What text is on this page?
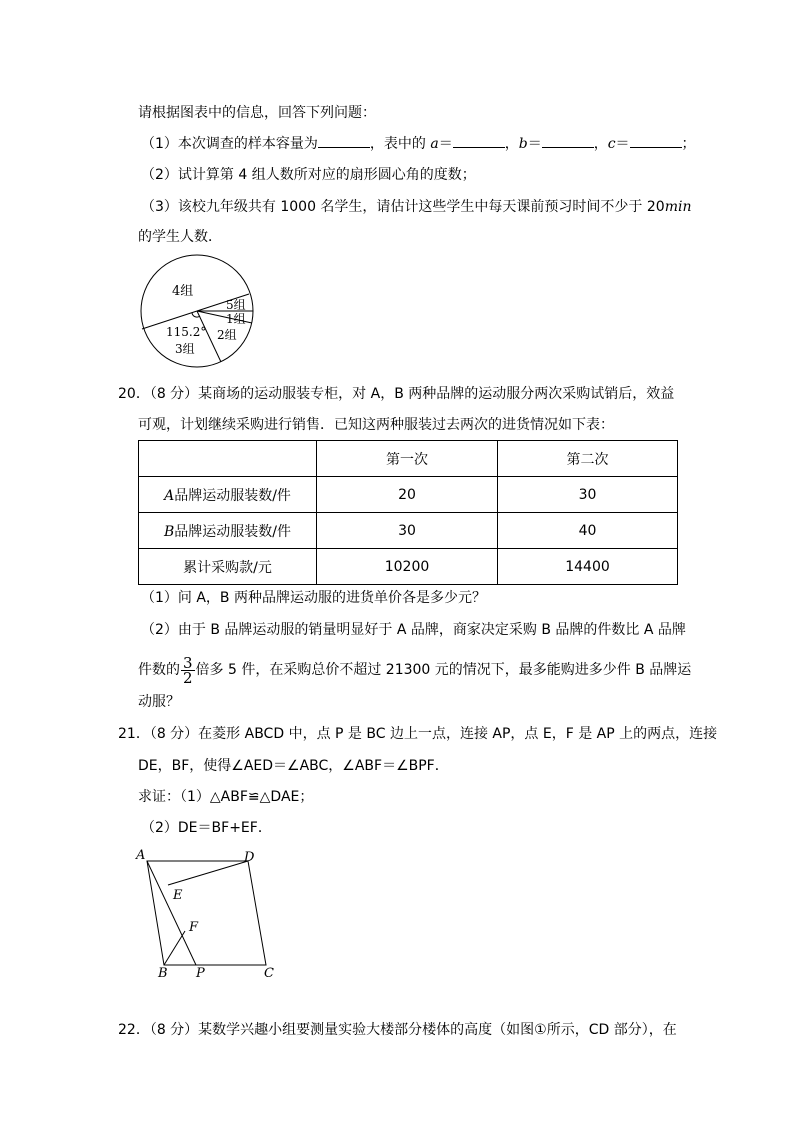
请根据图表中的信息，回答下列问题：
（1）本次调查的样本容量为	，表中的 a＝	，b＝	，c＝	；
（2）试计算第 4 组人数所对应的扇形圆心角的度数；
（3）该校九年级共有 1000 名学生，请估计这些学生中每天课前预习时间不少于 20min
的学生人数．
4组
5组
1组
2组
115.2°
3组
20．（8 分）某商场的运动服装专柜，对 A，B 两种品牌的运动服分两次采购试销后，效益
可观，计划继续采购进行销售．已知这两种服装过去两次的进货情况如下表：
	第一次	第二次
A品牌运动服装数/件	20	30
B品牌运动服装数/件	30	40
累计采购款/元	10200	14400
（1）问 A，B 两种品牌运动服的进货单价各是多少元？
（2）由于 B 品牌运动服的销量明显好于 A 品牌，商家决定采购 B 品牌的件数比 A 品牌
件数的 $\frac{3}{2}$ 倍多 5 件，在采购总价不超过 21300 元的情况下，最多能购进多少件 B 品牌运
动服？
21．（8 分）在菱形 ABCD 中，点 P 是 BC 边上一点，连接 AP，点 E，F 是 AP 上的两点，连接
DE，BF，使得∠AED＝∠ABC，∠ABF＝∠BPF．
求证：（1）△ABF≌△DAE；
（2）DE＝BF+EF．
A	D
E
F
B P	C
22．（8 分）某数学兴趣小组要测量实验大楼部分楼体的高度（如图①所示，CD 部分），在
